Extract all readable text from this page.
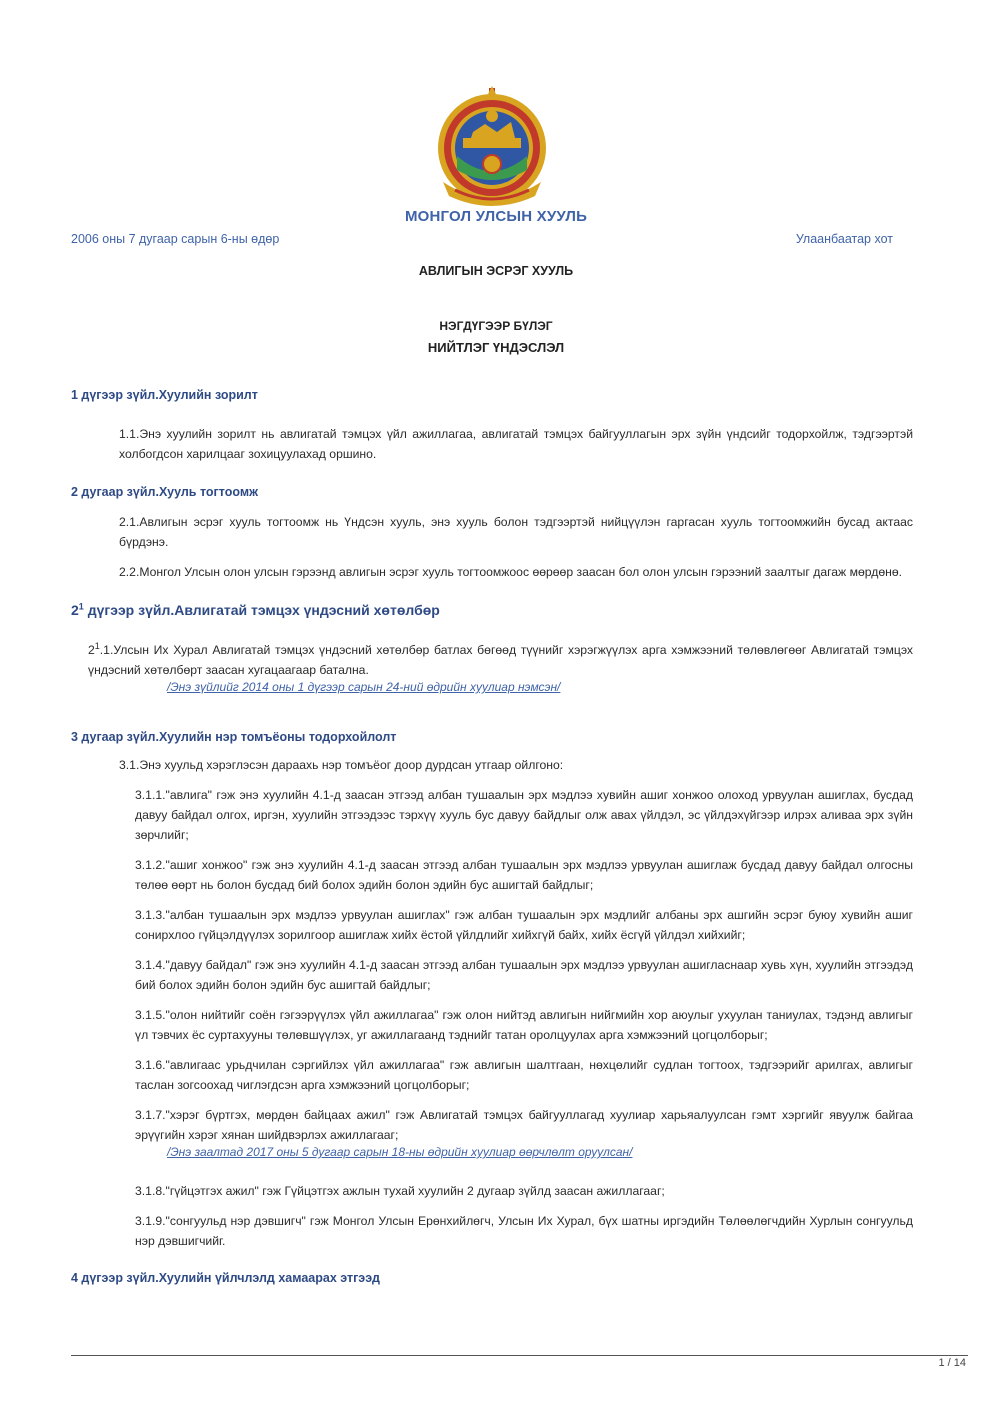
МОНГОЛ УЛСЫН ХУУЛЬ
2006 оны 7 дугаар сарын 6-ны өдөр	Улаанбаатар хот
АВЛИГЫН ЭСРЭГ ХУУЛЬ
НЭГДҮГЭЭР БҮЛЭГ
НИЙТЛЭГ ҮНДЭСЛЭЛ
1 дүгээр зүйл.Хуулийн зорилт
1.1.Энэ хуулийн зорилт нь авлигатай тэмцэх үйл ажиллагаа, авлигатай тэмцэх байгууллагын эрх зүйн үндсийг тодорхойлж, тэдгээртэй холбогдсон харилцааг зохицуулахад оршино.
2 дугаар зүйл.Хууль тогтоомж
2.1.Авлигын эсрэг хууль тогтоомж нь Үндсэн хууль, энэ хууль болон тэдгээртэй нийцүүлэн гаргасан хууль тогтоомжийн бусад актаас бүрдэнэ.
2.2.Монгол Улсын олон улсын гэрээнд авлигын эсрэг хууль тогтоомжоос өөрөөр заасан бол олон улсын гэрээний заалтыг дагаж мөрдөнө.
$2^1$ дүгээр зүйл.Авлигатай тэмцэх үндэсний хөтөлбөр
$2^1.1.Улсын$ Их Хурал Авлигатай тэмцэх үндэсний хөтөлбөр батлах бөгөөд түүнийг хэрэгжүүлэх арга хэмжээний төлөвлөгөөг Авлигатай тэмцэх үндэсний хөтөлбөрт заасан хугацаагаар батална.
/Энэ зүйлийг 2014 оны 1 дүгээр сарын 24-ний өдрийн хуулиар нэмсэн/
3 дугаар зүйл.Хуулийн нэр томъёоны тодорхойлолт
3.1.Энэ хуульд хэрэглэсэн дараахь нэр томъёог доор дурдсан утгаар ойлгоно:
3.1.1."авлига" гэж энэ хуулийн 4.1-д заасан этгээд албан тушаалын эрх мэдлээ хувийн ашиг хонжоо олоход урвуулан ашиглах, бусдад давуу байдал олгох, иргэн, хуулийн этгээдээс тэрхүү хууль бус давуу байдлыг олж авах үйлдэл, эс үйлдэхүйгээр илрэх аливаа эрх зүйн зөрчлийг;
3.1.2."ашиг хонжоо" гэж энэ хуулийн 4.1-д заасан этгээд албан тушаалын эрх мэдлээ урвуулан ашиглаж бусдад давуу байдал олгосны төлөө өөрт нь болон бусдад бий болох эдийн болон эдийн бус ашигтай байдлыг;
3.1.3."албан тушаалын эрх мэдлээ урвуулан ашиглах" гэж албан тушаалын эрх мэдлийг албаны эрх ашгийн эсрэг буюу хувийн ашиг сонирхлоо гүйцэлдүүлэх зорилгоор ашиглаж хийх ёстой үйлдлийг хийхгүй байх, хийх ёсгүй үйлдэл хийхийг;
3.1.4."давуу байдал" гэж энэ хуулийн 4.1-д заасан этгээд албан тушаалын эрх мэдлээ урвуулан ашигласнаар хувь хүн, хуулийн этгээдэд бий болох эдийн болон эдийн бус ашигтай байдлыг;
3.1.5."олон нийтийг соён гэгээрүүлэх үйл ажиллагаа" гэж олон нийтэд авлигын нийгмийн хор аюулыг ухуулан таниулах, тэдэнд авлигыг үл тэвчих ёс суртахууны төлөвшүүлэх, уг ажиллагаанд тэднийг татан оролцуулах арга хэмжээний цогцолборыг;
3.1.6."авлигаас урьдчилан сэргийлэх үйл ажиллагаа" гэж авлигын шалтгаан, нөхцөлийг судлан тогтоох, тэдгээрийг арилгах, авлигыг таслан зогсоохад чиглэгдсэн арга хэмжээний цогцолборыг;
3.1.7."хэрэг бүртгэх, мөрдөн байцаах ажил" гэж Авлигатай тэмцэх байгууллагад хуулиар харьяалуулсан гэмт хэргийг явуулж байгаа эрүүгийн хэрэг хянан шийдвэрлэх ажиллагааг;
/Энэ заалтад 2017 оны 5 дугаар сарын 18-ны өдрийн хуулиар өөрчлөлт оруулсан/
3.1.8."гүйцэтгэх ажил" гэж Гүйцэтгэх ажлын тухай хуулийн 2 дугаар зүйлд заасан ажиллагааг;
3.1.9."сонгуульд нэр дэвшигч" гэж Монгол Улсын Ерөнхийлөгч, Улсын Их Хурал, бүх шатны иргэдийн Төлөөлөгчдийн Хурлын сонгуульд нэр дэвшигчийг.
4 дүгээр зүйл.Хуулийн үйлчлэлд хамаарах этгээд
1 / 14
